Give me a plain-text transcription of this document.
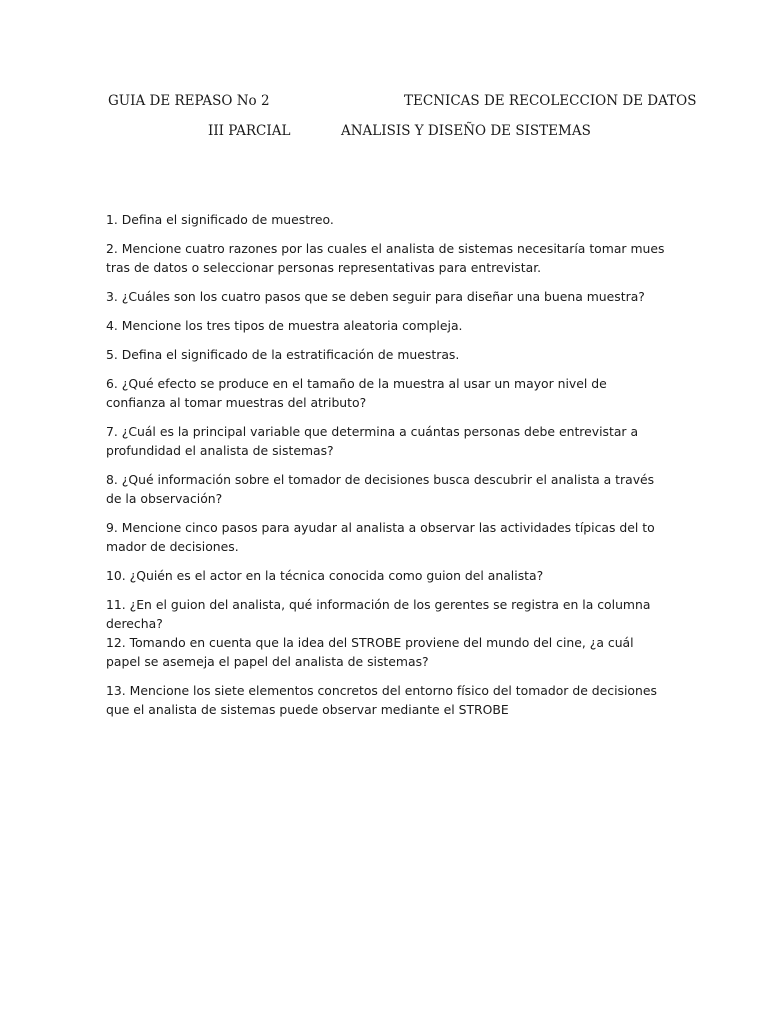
GUIA DE REPASO No 2	TECNICAS DE RECOLECCION DE DATOS
III PARCIAL	ANALISIS Y DISEÑO DE SISTEMAS
1. Defina el significado de muestreo.
2. Mencione cuatro razones por las cuales el analista de sistemas necesitaría tomar mues tras de datos o seleccionar personas representativas para entrevistar.
3. ¿Cuáles son los cuatro pasos que se deben seguir para diseñar una buena muestra?
4. Mencione los tres tipos de muestra aleatoria compleja.
5. Defina el significado de la estratificación de muestras.
6. ¿Qué efecto se produce en el tamaño de la muestra al usar un mayor nivel de confianza al tomar muestras del atributo?
7. ¿Cuál es la principal variable que determina a cuántas personas debe entrevistar a profundidad el analista de sistemas?
8. ¿Qué información sobre el tomador de decisiones busca descubrir el analista a través de la observación?
9. Mencione cinco pasos para ayudar al analista a observar las actividades típicas del to mador de decisiones.
10. ¿Quién es el actor en la técnica conocida como guion del analista?
11. ¿En el guion del analista, qué información de los gerentes se registra en la columna derecha?
12. Tomando en cuenta que la idea del STROBE proviene del mundo del cine, ¿a cuál papel se asemeja el papel del analista de sistemas?
13. Mencione los siete elementos concretos del entorno físico del tomador de decisiones que el analista de sistemas puede observar mediante el STROBE
